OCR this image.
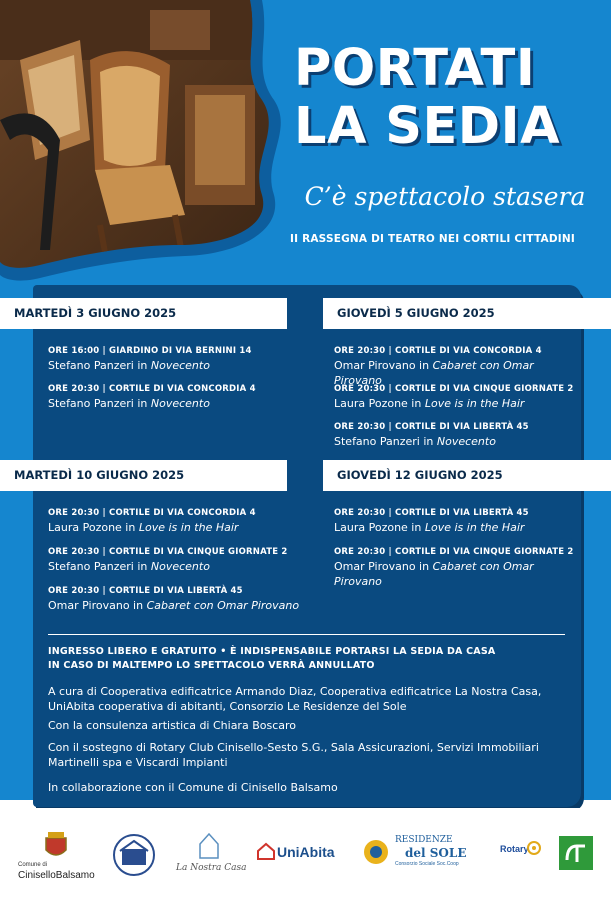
PORTATI
LA SEDIA
C’è spettacolo stasera
II RASSEGNA DI TEATRO NEI CORTILI CITTADINI
MARTEDÌ 3 GIUGNO 2025
ORE 16:00 | GIARDINO DI VIA BERNINI 14
Stefano Panzeri in Novecento
ORE 20:30 | CORTILE DI VIA CONCORDIA 4
Stefano Panzeri in Novecento
GIOVEDÌ 5 GIUGNO 2025
ORE 20:30 | CORTILE DI VIA CONCORDIA 4
Omar Pirovano in Cabaret con Omar Pirovano
ORE 20:30 | CORTILE DI VIA CINQUE GIORNATE 2
Laura Pozone in Love is in the Hair
ORE 20:30 | CORTILE DI VIA LIBERTÀ 45
Stefano Panzeri in Novecento
MARTEDÌ 10 GIUGNO 2025
ORE 20:30 | CORTILE DI VIA CONCORDIA 4
Laura Pozone in Love is in the Hair
ORE 20:30 | CORTILE DI VIA CINQUE GIORNATE 2
Stefano Panzeri in Novecento
ORE 20:30 | CORTILE DI VIA LIBERTÀ 45
Omar Pirovano in Cabaret con Omar Pirovano
GIOVEDÌ 12 GIUGNO 2025
ORE 20:30 | CORTILE DI VIA LIBERTÀ 45
Laura Pozone in Love is in the Hair
ORE 20:30 | CORTILE DI VIA CINQUE GIORNATE 2
Omar Pirovano in Cabaret con Omar Pirovano
INGRESSO LIBERO E GRATUITO • È INDISPENSABILE PORTARSI LA SEDIA DA CASA
IN CASO DI MALTEMPO LO SPETTACOLO VERRÀ ANNULLATO
A cura di Cooperativa edificatrice Armando Diaz, Cooperativa edificatrice La Nostra Casa, UniAbita cooperativa di abitanti, Consorzio Le Residenze del Sole
Con la consulenza artistica di Chiara Boscaro
Con il sostegno di Rotary Club Cinisello-Sesto S.G., Sala Assicurazioni, Servizi Immobiliari Martinelli spa e Viscardi Impianti
In collaborazione con il Comune di Cinisello Balsamo
Comune di
CiniselloBalsamo
La Nostra Casa
UniAbita
RESIDENZE
del SOLE
Consorzio Sociale Soc.Coop
Rotary
